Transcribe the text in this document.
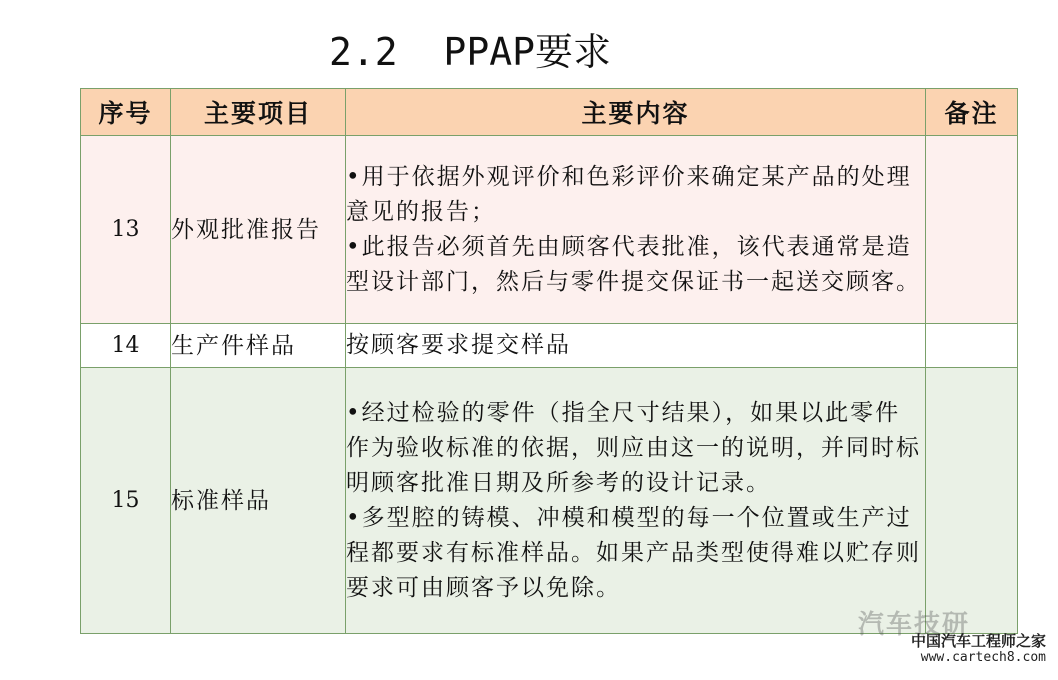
2.2  PPAP要求
序号	主要项目	主要内容	备注
13	外观批准报告	•用于依据外观评价和色彩评价来确定某产品的处理意见的报告；
•此报告必须首先由顾客代表批准，该代表通常是造型设计部门，然后与零件提交保证书一起送交顾客。	

14	生产件样品	按顾客要求提交样品	

15	标准样品	•经过检验的零件（指全尺寸结果），如果以此零件作为验收标准的依据，则应由这一的说明，并同时标明顾客批准日期及所参考的设计记录。
•多型腔的铸模、冲模和模型的每一个位置或生产过程都要求有标准样品。如果产品类型使得难以贮存则要求可由顾客予以免除。	

汽车技研
中国汽车工程师之家
www.cartech8.com
